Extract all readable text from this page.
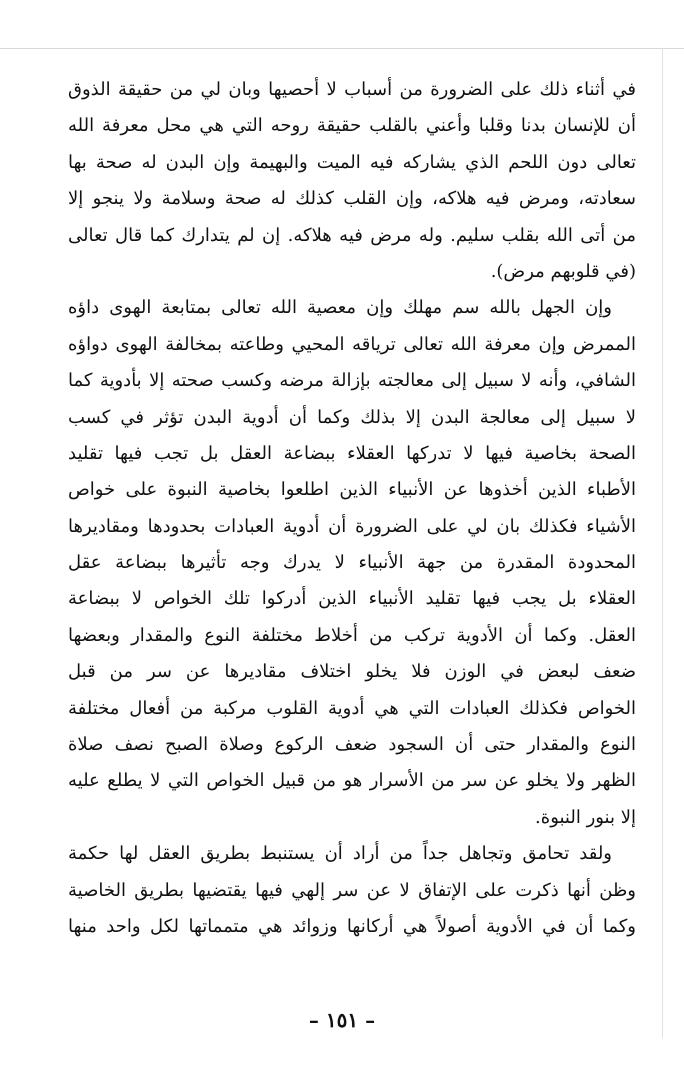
في أثناء ذلك على الضرورة من أسباب لا أحصيها وبان لي من حقيقة الذوق
أن للإنسان بدنا وقلبا وأعني بالقلب حقيقة روحه التي هي محل معرفة الله
تعالى دون اللحم الذي يشاركه فيه الميت والبهيمة وإن البدن له صحة بها
سعادته، ومرض فيه هلاكه، وإن القلب كذلك له صحة وسلامة ولا ينجو إلا
من أتى الله بقلب سليم. وله مرض فيه هلاكه. إن لم يتدارك كما قال تعالى
(في قلوبهم مرض).
وإن الجهل بالله سم مهلك وإن معصية الله تعالى بمتابعة الهوى داؤه
الممرض وإن معرفة الله تعالى ترياقه المحيي وطاعته بمخالفة الهوى دواؤه
الشافي، وأنه لا سبيل إلى معالجته بإزالة مرضه وكسب صحته إلا بأدوية كما
لا سبيل إلى معالجة البدن إلا بذلك وكما أن أدوية البدن تؤثر في كسب
الصحة بخاصية فيها لا تدركها العقلاء ببضاعة العقل بل تجب فيها تقليد
الأطباء الذين أخذوها عن الأنبياء الذين اطلعوا بخاصية النبوة على خواص
الأشياء فكذلك بان لي على الضرورة أن أدوية العبادات بحدودها ومقاديرها
المحدودة المقدرة من جهة الأنبياء لا يدرك وجه تأثيرها ببضاعة عقل
العقلاء بل يجب فيها تقليد الأنبياء الذين أدركوا تلك الخواص لا ببضاعة
العقل. وكما أن الأدوية تركب من أخلاط مختلفة النوع والمقدار وبعضها
ضعف لبعض في الوزن فلا يخلو اختلاف مقاديرها عن سر من قبل
الخواص فكذلك العبادات التي هي أدوية القلوب مركبة من أفعال مختلفة
النوع والمقدار حتى أن السجود ضعف الركوع وصلاة الصبح نصف صلاة
الظهر ولا يخلو عن سر من الأسرار هو من قبيل الخواص التي لا يطلع عليه
إلا بنور النبوة.
ولقد تحامق وتجاهل جداً من أراد أن يستنبط بطريق العقل لها حكمة
وظن أنها ذكرت على الإتفاق لا عن سر إلهي فيها يقتضيها بطريق الخاصية
وكما أن في الأدوية أصولاً هي أركانها وزوائد هي متمماتها لكل واحد منها
– ١٥١ –
